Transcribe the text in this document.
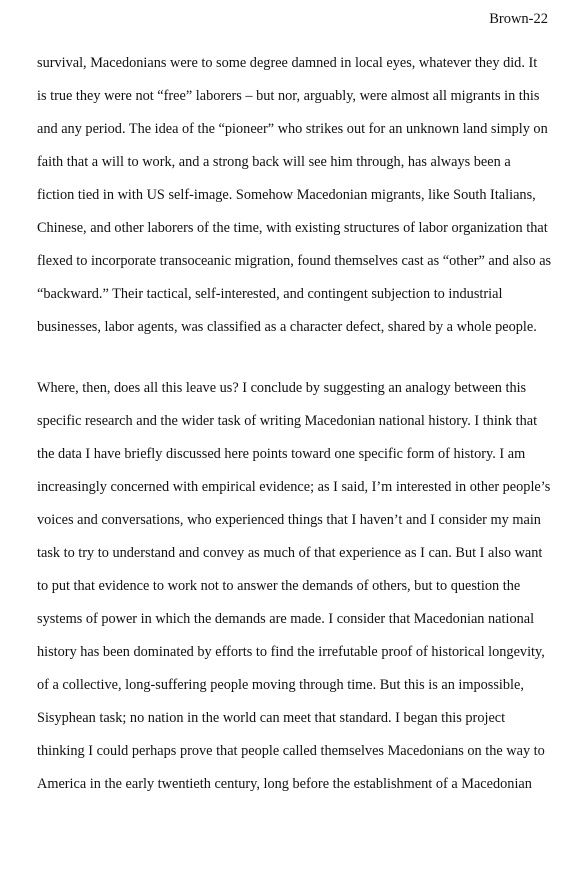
Brown-22
survival, Macedonians were to some degree damned in local eyes, whatever they did. It
is true they were not “free” laborers – but nor, arguably, were almost all migrants in this
and any period. The idea of the “pioneer” who strikes out for an unknown land simply on
faith that a will to work, and a strong back will see him through, has always been a
fiction tied in with US self-image. Somehow Macedonian migrants, like South Italians,
Chinese, and other laborers of the time, with existing structures of labor organization that
flexed to incorporate transoceanic migration, found themselves cast as “other” and also as
“backward.” Their tactical, self-interested, and contingent subjection to industrial
businesses, labor agents, was classified as a character defect, shared by a whole people.
Where, then, does all this leave us? I conclude by suggesting an analogy between this
specific research and the wider task of writing Macedonian national history. I think that
the data I have briefly discussed here points toward one specific form of history. I am
increasingly concerned with empirical evidence; as I said, I’m interested in other people’s
voices and conversations, who experienced things that I haven’t and I consider my main
task to try to understand and convey as much of that experience as I can. But I also want
to put that evidence to work not to answer the demands of others, but to question the
systems of power in which the demands are made. I consider that Macedonian national
history has been dominated by efforts to find the irrefutable proof of historical longevity,
of a collective, long-suffering people moving through time. But this is an impossible,
Sisyphean task; no nation in the world can meet that standard. I began this project
thinking I could perhaps prove that people called themselves Macedonians on the way to
America in the early twentieth century, long before the establishment of a Macedonian
